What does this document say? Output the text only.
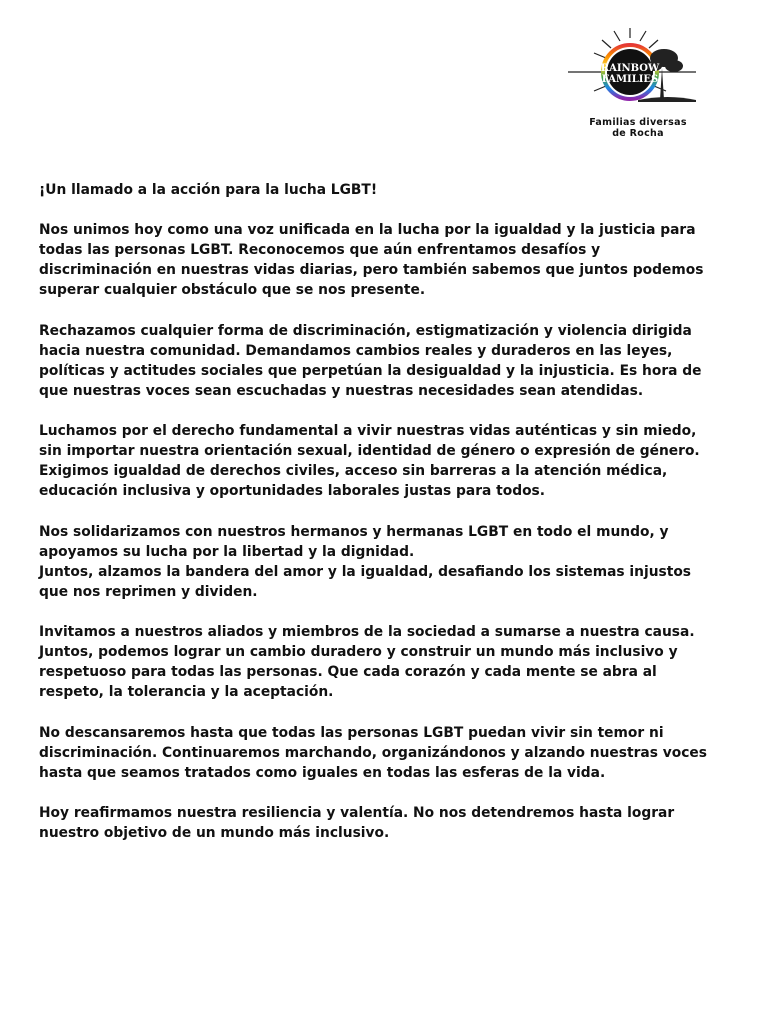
RAINBOW
FAMILIES
Familias diversas
de Rocha

¡Un llamado a la acción para la lucha LGBT!

Nos unimos hoy como una voz unificada en la lucha por la igualdad y la justicia para
todas las personas LGBT. Reconocemos que aún enfrentamos desafíos y
discriminación en nuestras vidas diarias, pero también sabemos que juntos podemos
superar cualquier obstáculo que se nos presente.

Rechazamos cualquier forma de discriminación, estigmatización y violencia dirigida
hacia nuestra comunidad. Demandamos cambios reales y duraderos en las leyes,
políticas y actitudes sociales que perpetúan la desigualdad y la injusticia. Es hora de
que nuestras voces sean escuchadas y nuestras necesidades sean atendidas.

Luchamos por el derecho fundamental a vivir nuestras vidas auténticas y sin miedo,
sin importar nuestra orientación sexual, identidad de género o expresión de género.
Exigimos igualdad de derechos civiles, acceso sin barreras a la atención médica,
educación inclusiva y oportunidades laborales justas para todos.

Nos solidarizamos con nuestros hermanos y hermanas LGBT en todo el mundo, y
apoyamos su lucha por la libertad y la dignidad.
Juntos, alzamos la bandera del amor y la igualdad, desafiando los sistemas injustos
que nos reprimen y dividen.

Invitamos a nuestros aliados y miembros de la sociedad a sumarse a nuestra causa.
Juntos, podemos lograr un cambio duradero y construir un mundo más inclusivo y
respetuoso para todas las personas. Que cada corazón y cada mente se abra al
respeto, la tolerancia y la aceptación.

No descansaremos hasta que todas las personas LGBT puedan vivir sin temor ni
discriminación. Continuaremos marchando, organizándonos y alzando nuestras voces
hasta que seamos tratados como iguales en todas las esferas de la vida.

Hoy reafirmamos nuestra resiliencia y valentía. No nos detendremos hasta lograr
nuestro objetivo de un mundo más inclusivo.
